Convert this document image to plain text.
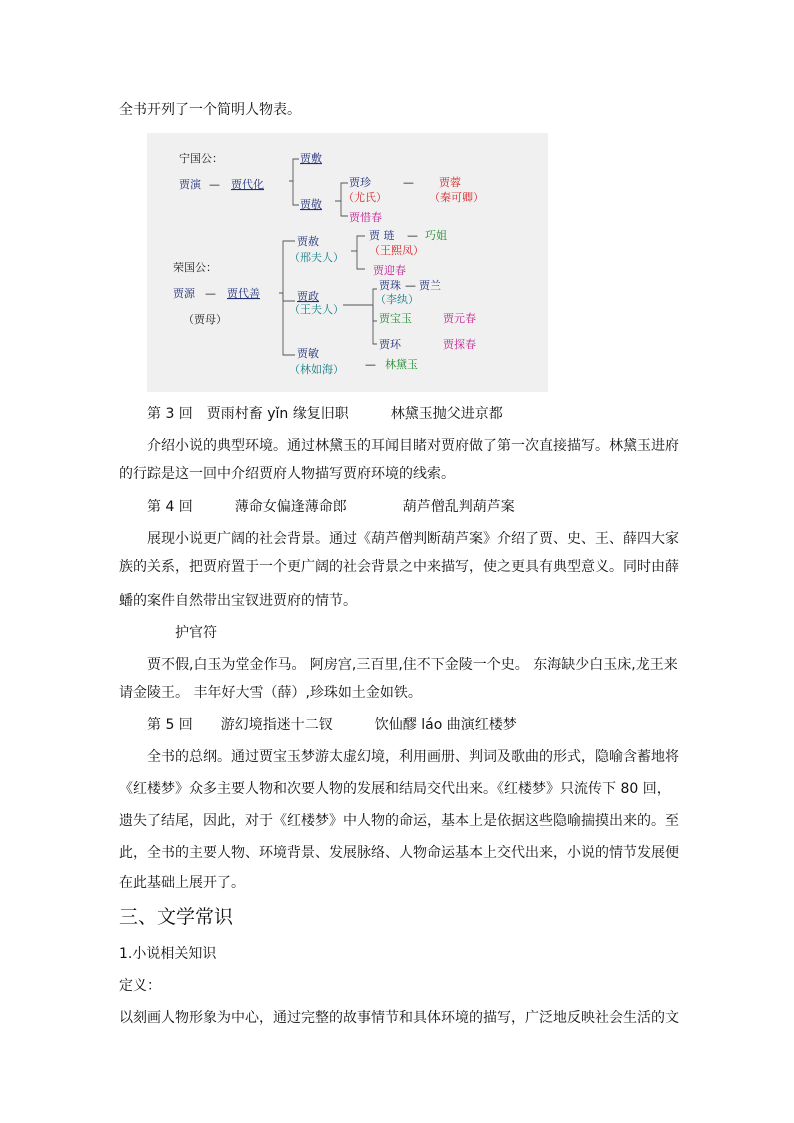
全书开列了一个简明人物表。
宁国公：
贾演 — 贾代化
贾敷
贾敬
贾珍
（尤氏）
— 贾蓉
（秦可卿）
贾惜春
荣国公：
贾源 — 贾代善
（贾母）
贾赦
（邢夫人）
贾 琏 — 巧姐
（王熙凤）
贾迎春
贾政
（王夫人）
贾珠 — 贾兰
（李纨）
贾宝玉	贾元春
贾环	贾探春
贾敏
（林如海） — 林黛玉
第 3 回　贾雨村畜 yǐn 缘复旧职　　　林黛玉抛父进京都
介绍小说的典型环境。通过林黛玉的耳闻目睹对贾府做了第一次直接描写。林黛玉进府
的行踪是这一回中介绍贾府人物描写贾府环境的线索。
第 4 回　　　薄命女偏逢薄命郎　　　　葫芦僧乱判葫芦案
展现小说更广阔的社会背景。通过《葫芦僧判断葫芦案》介绍了贾、史、王、薛四大家
族的关系，把贾府置于一个更广阔的社会背景之中来描写，使之更具有典型意义。同时由薛
蟠的案件自然带出宝钗进贾府的情节。
护官符
贾不假,白玉为堂金作马。 阿房宫,三百里,住不下金陵一个史。 东海缺少白玉床,龙王来
请金陵王。 丰年好大雪（薛）,珍珠如土金如铁。
第 5 回　　游幻境指迷十二钗　　　饮仙醪 láo 曲演红楼梦
全书的总纲。通过贾宝玉梦游太虚幻境，利用画册、判词及歌曲的形式，隐喻含蓄地将
《红楼梦》众多主要人物和次要人物的发展和结局交代出来。《红楼梦》只流传下 80 回，
遗失了结尾，因此，对于《红楼梦》中人物的命运，基本上是依据这些隐喻揣摸出来的。至
此，全书的主要人物、环境背景、发展脉络、人物命运基本上交代出来，小说的情节发展便
在此基础上展开了。
三、文学常识
1.小说相关知识
定义：
以刻画人物形象为中心，通过完整的故事情节和具体环境的描写，广泛地反映社会生活的文
